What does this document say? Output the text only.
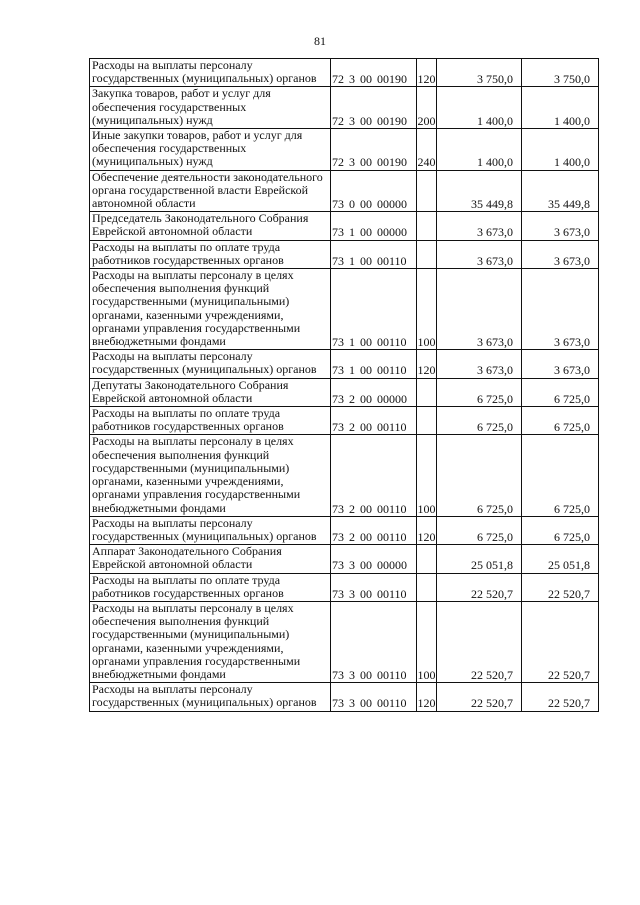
81
Расходы на выплаты персоналу государственных (муниципальных) органов	72 3 00 00190	120	3 750,0	3 750,0
Закупка товаров, работ и услуг для обеспечения государственных (муниципальных) нужд	72 3 00 00190	200	1 400,0	1 400,0
Иные закупки товаров, работ и услуг для обеспечения государственных (муниципальных) нужд	72 3 00 00190	240	1 400,0	1 400,0
Обеспечение деятельности законодательного органа государственной власти Еврейской автономной области	73 0 00 00000		35 449,8	35 449,8
Председатель Законодательного Собрания Еврейской автономной области	73 1 00 00000		3 673,0	3 673,0
Расходы на выплаты по оплате труда работников государственных органов	73 1 00 00110		3 673,0	3 673,0
Расходы на выплаты персоналу в целях обеспечения выполнения функций государственными (муниципальными) органами, казенными учреждениями, органами управления государственными внебюджетными фондами	73 1 00 00110	100	3 673,0	3 673,0
Расходы на выплаты персоналу государственных (муниципальных) органов	73 1 00 00110	120	3 673,0	3 673,0
Депутаты Законодательного Собрания Еврейской автономной области	73 2 00 00000		6 725,0	6 725,0
Расходы на выплаты по оплате труда работников государственных органов	73 2 00 00110		6 725,0	6 725,0
Расходы на выплаты персоналу в целях обеспечения выполнения функций государственными (муниципальными) органами, казенными учреждениями, органами управления государственными внебюджетными фондами	73 2 00 00110	100	6 725,0	6 725,0
Расходы на выплаты персоналу государственных (муниципальных) органов	73 2 00 00110	120	6 725,0	6 725,0
Аппарат Законодательного Собрания Еврейской автономной области	73 3 00 00000		25 051,8	25 051,8
Расходы на выплаты по оплате труда работников государственных органов	73 3 00 00110		22 520,7	22 520,7
Расходы на выплаты персоналу в целях обеспечения выполнения функций государственными (муниципальными) органами, казенными учреждениями, органами управления государственными внебюджетными фондами	73 3 00 00110	100	22 520,7	22 520,7
Расходы на выплаты персоналу государственных (муниципальных) органов	73 3 00 00110	120	22 520,7	22 520,7
